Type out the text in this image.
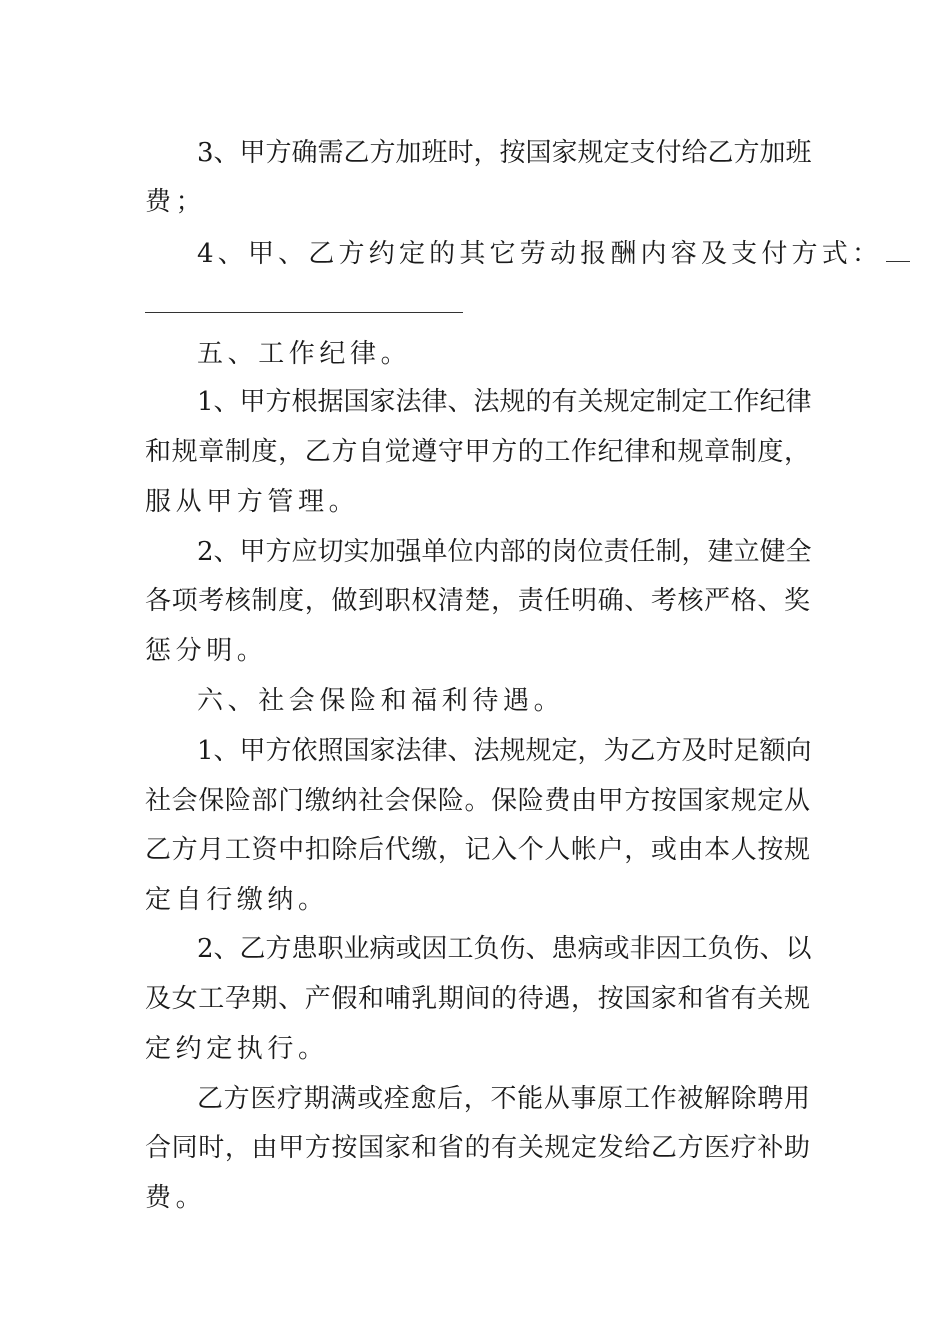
3、甲方确需乙方加班时，按国家规定支付给乙方加班
费；
4、甲、乙方约定的其它劳动报酬内容及支付方式：
五、工作纪律。
1、甲方根据国家法律、法规的有关规定制定工作纪律
和规章制度，乙方自觉遵守甲方的工作纪律和规章制度，
服从甲方管理。
2、甲方应切实加强单位内部的岗位责任制，建立健全
各项考核制度，做到职权清楚，责任明确、考核严格、奖
惩分明。
六、社会保险和福利待遇。
1、甲方依照国家法律、法规规定，为乙方及时足额向
社会保险部门缴纳社会保险。保险费由甲方按国家规定从
乙方月工资中扣除后代缴，记入个人帐户，或由本人按规
定自行缴纳。
2、乙方患职业病或因工负伤、患病或非因工负伤、以
及女工孕期、产假和哺乳期间的待遇，按国家和省有关规
定约定执行。
乙方医疗期满或痊愈后，不能从事原工作被解除聘用
合同时，由甲方按国家和省的有关规定发给乙方医疗补助
费。
